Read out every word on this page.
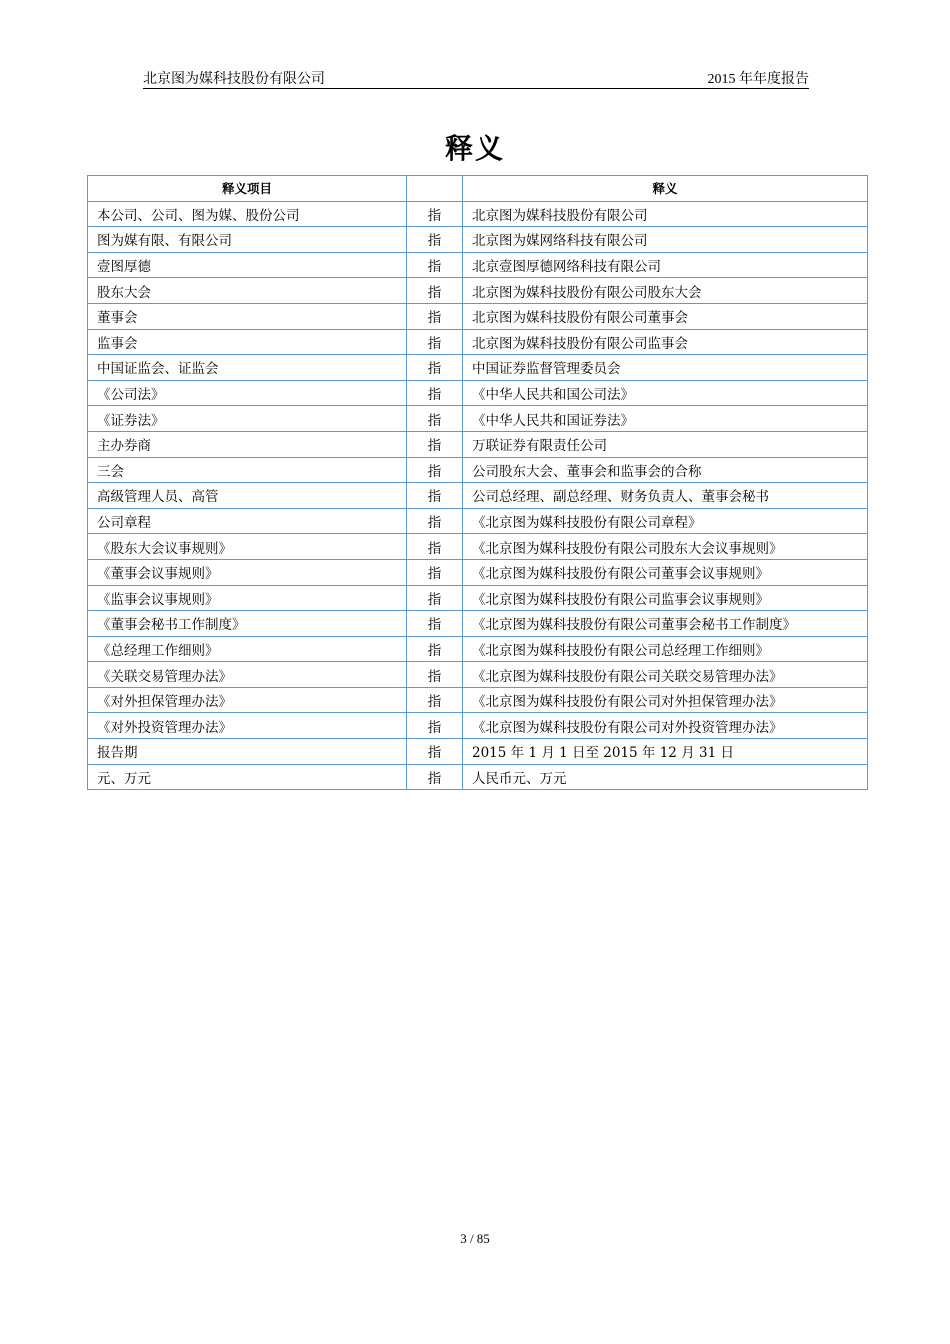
北京图为媒科技股份有限公司	2015 年年度报告
释义
释义项目		释义
本公司、公司、图为媒、股份公司	指	北京图为媒科技股份有限公司
图为媒有限、有限公司	指	北京图为媒网络科技有限公司
壹图厚德	指	北京壹图厚德网络科技有限公司
股东大会	指	北京图为媒科技股份有限公司股东大会
董事会	指	北京图为媒科技股份有限公司董事会
监事会	指	北京图为媒科技股份有限公司监事会
中国证监会、证监会	指	中国证券监督管理委员会
《公司法》	指	《中华人民共和国公司法》
《证券法》	指	《中华人民共和国证券法》
主办券商	指	万联证券有限责任公司
三会	指	公司股东大会、董事会和监事会的合称
高级管理人员、高管	指	公司总经理、副总经理、财务负责人、董事会秘书
公司章程	指	《北京图为媒科技股份有限公司章程》
《股东大会议事规则》	指	《北京图为媒科技股份有限公司股东大会议事规则》
《董事会议事规则》	指	《北京图为媒科技股份有限公司董事会议事规则》
《监事会议事规则》	指	《北京图为媒科技股份有限公司监事会议事规则》
《董事会秘书工作制度》	指	《北京图为媒科技股份有限公司董事会秘书工作制度》
《总经理工作细则》	指	《北京图为媒科技股份有限公司总经理工作细则》
《关联交易管理办法》	指	《北京图为媒科技股份有限公司关联交易管理办法》
《对外担保管理办法》	指	《北京图为媒科技股份有限公司对外担保管理办法》
《对外投资管理办法》	指	《北京图为媒科技股份有限公司对外投资管理办法》
报告期	指	2015 年 1 月 1 日至 2015 年 12 月 31 日
元、万元	指	人民币元、万元
3 / 85
